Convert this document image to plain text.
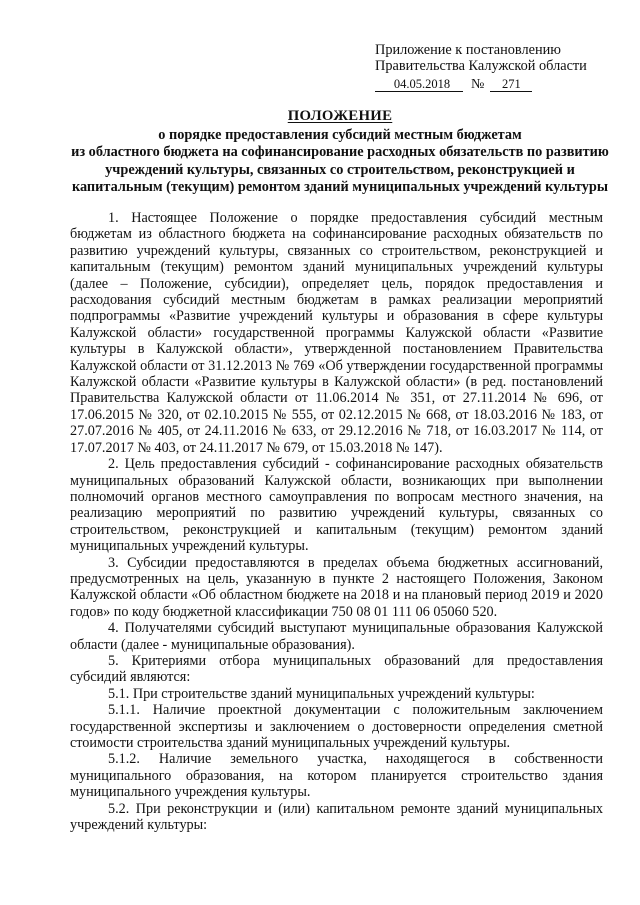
Приложение к постановлению
Правительства Калужской области
04.05.2018 № 271
ПОЛОЖЕНИЕ
о порядке предоставления субсидий местным бюджетам
из областного бюджета на софинансирование расходных обязательств по развитию
учреждений культуры, связанных со строительством, реконструкцией и
капитальным (текущим) ремонтом зданий муниципальных учреждений культуры

1. Настоящее Положение о порядке предоставления субсидий местным бюджетам из областного бюджета на софинансирование расходных обязательств по развитию учреждений культуры, связанных со строительством, реконструкцией и капитальным (текущим) ремонтом зданий муниципальных учреждений культуры (далее – Положение, субсидии), определяет цель, порядок предоставления и расходования субсидий местным бюджетам в рамках реализации мероприятий подпрограммы «Развитие учреждений культуры и образования в сфере культуры Калужской области» государственной программы Калужской области «Развитие культуры в Калужской области», утвержденной постановлением Правительства Калужской области от 31.12.2013 № 769 «Об утверждении государственной программы Калужской области «Развитие культуры в Калужской области» (в ред. постановлений Правительства Калужской области от 11.06.2014 № 351, от 27.11.2014 № 696, от 17.06.2015 № 320, от 02.10.2015 № 555, от 02.12.2015 № 668, от 18.03.2016 № 183, от 27.07.2016 № 405, от 24.11.2016 № 633, от 29.12.2016 № 718, от 16.03.2017 № 114, от 17.07.2017 № 403, от 24.11.2017 № 679, от 15.03.2018 № 147).

2. Цель предоставления субсидий - софинансирование расходных обязательств муниципальных образований Калужской области, возникающих при выполнении полномочий органов местного самоуправления по вопросам местного значения, на реализацию мероприятий по развитию учреждений культуры, связанных со строительством, реконструкцией и капитальным (текущим) ремонтом зданий муниципальных учреждений культуры.

3. Субсидии предоставляются в пределах объема бюджетных ассигнований, предусмотренных на цель, указанную в пункте 2 настоящего Положения, Законом Калужской области «Об областном бюджете на 2018 и на плановый период 2019 и 2020 годов» по коду бюджетной классификации 750 08 01 111 06 05060 520.

4. Получателями субсидий выступают муниципальные образования Калужской области (далее - муниципальные образования).

5. Критериями отбора муниципальных образований для предоставления субсидий являются:

5.1. При строительстве зданий муниципальных учреждений культуры:

5.1.1. Наличие проектной документации с положительным заключением государственной экспертизы и заключением о достоверности определения сметной стоимости строительства зданий муниципальных учреждений культуры.

5.1.2. Наличие земельного участка, находящегося в собственности муниципального образования, на котором планируется строительство здания муниципального учреждения культуры.

5.2. При реконструкции и (или) капитальном ремонте зданий муниципальных учреждений культуры:
